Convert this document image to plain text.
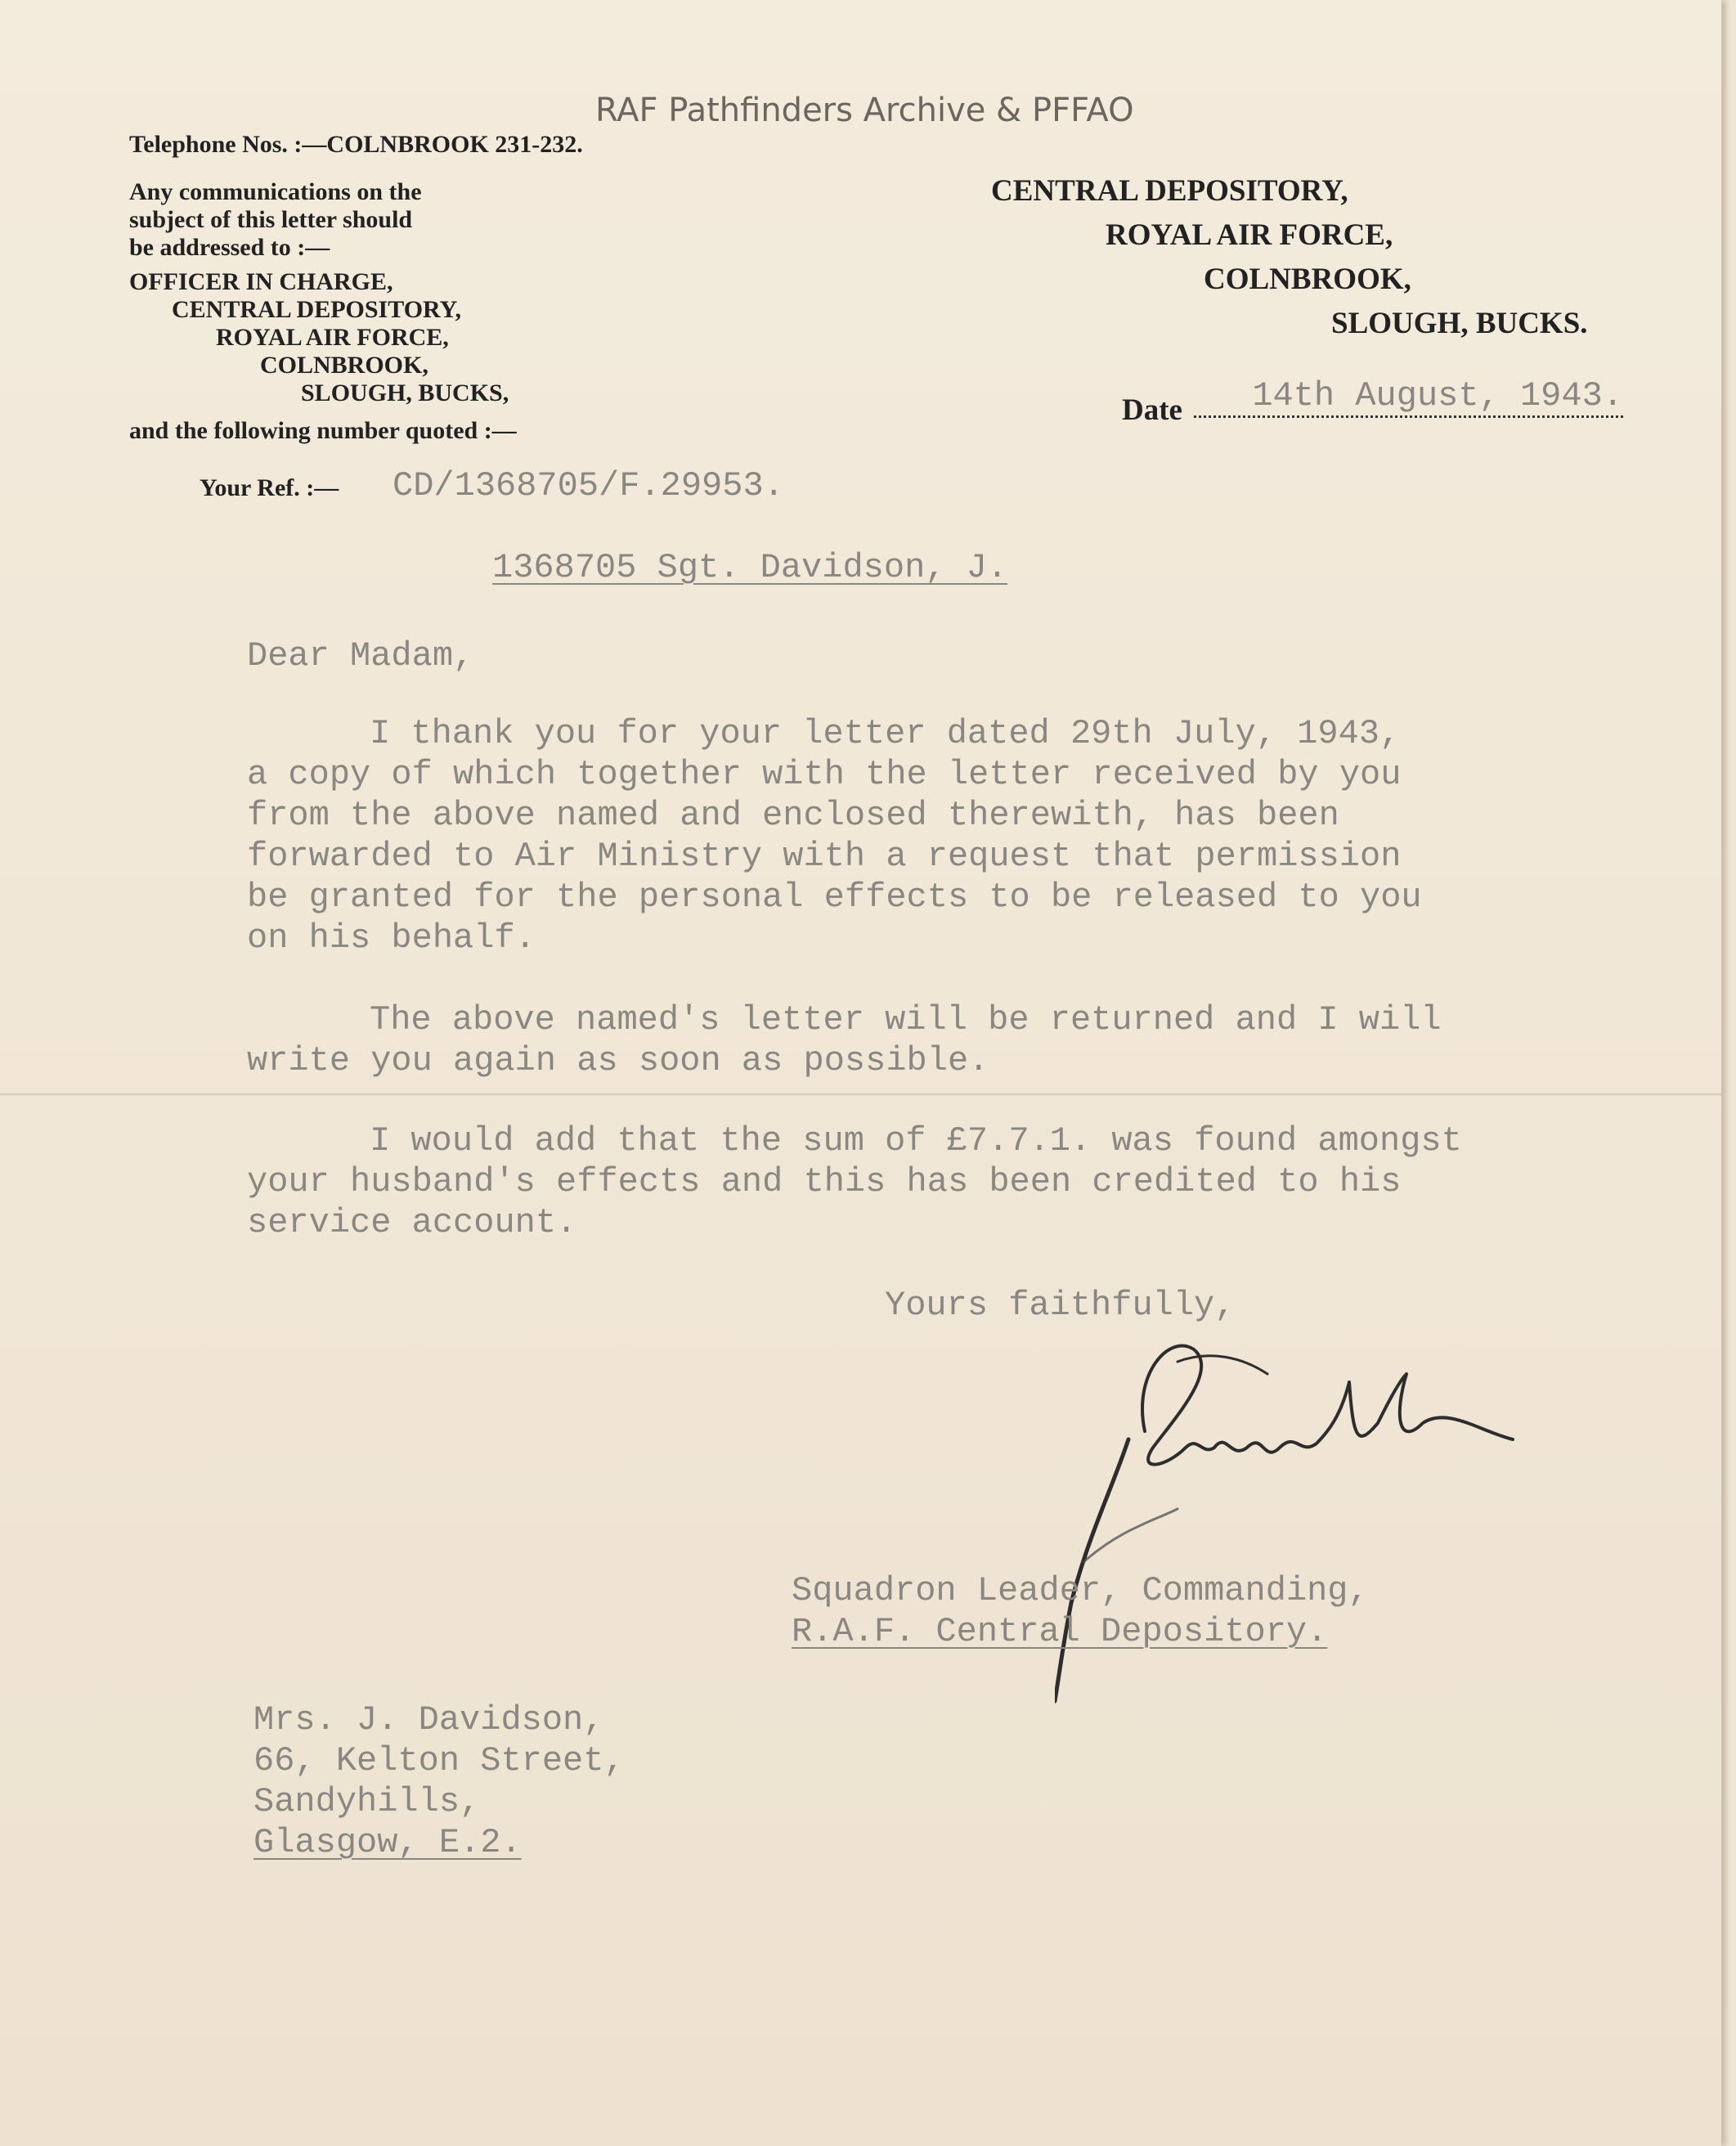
RAF Pathfinders Archive & PFFAO
Telephone Nos. :—COLNBROOK 231-232.
Any communications on the
subject of this letter should
be addressed to :—
OFFICER IN CHARGE,
CENTRAL DEPOSITORY,
ROYAL AIR FORCE,
COLNBROOK,
SLOUGH, BUCKS,
and the following number quoted :—
Your Ref. :— CD/1368705/F.29953.
CENTRAL DEPOSITORY,
ROYAL AIR FORCE,
COLNBROOK,
SLOUGH, BUCKS.
Date	14th August, 1943.
1368705 Sgt. Davidson, J.
Dear Madam,
I thank you for your letter dated 29th July, 1943,
a copy of which together with the letter received by you
from the above named and enclosed therewith, has been
forwarded to Air Ministry with a request that permission
be granted for the personal effects to be released to you
on his behalf.
The above named's letter will be returned and I will
write you again as soon as possible.
I would add that the sum of £7.7.1. was found amongst
your husband's effects and this has been credited to his
service account.
Yours faithfully,
Squadron Leader, Commanding,
R.A.F. Central Depository.
Mrs. J. Davidson,
66, Kelton Street,
Sandyhills,
Glasgow, E.2.
